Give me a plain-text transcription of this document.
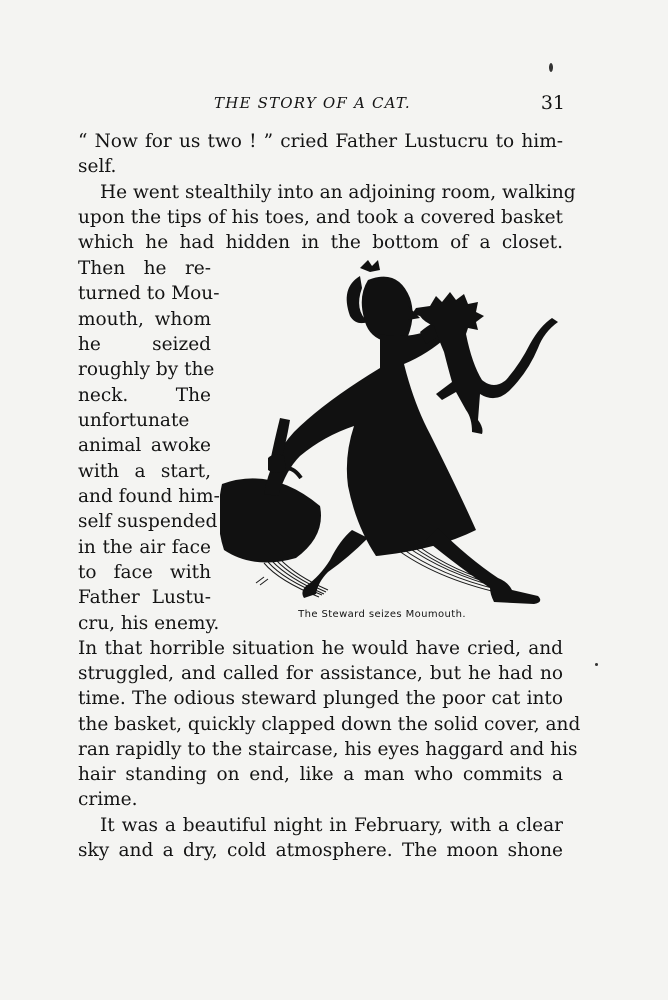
THE STORY OF A CAT.	31
“ Now for us two ! ” cried Father Lustucru to him-
self.
He went stealthily into an adjoining room, walking
upon the tips of his toes, and took a covered basket
which he had hidden in the bottom of a closet.
Then he re-
turned to Mou-
mouth, whom
he seized
roughly by the
neck. The
unfortunate
animal awoke
with a start,
and found him-
self suspended
in the air face
to face with
Father Lustu-
cru, his enemy.	The Steward seizes Moumouth.
In that horrible situation he would have cried, and
struggled, and called for assistance, but he had no
time. The odious steward plunged the poor cat into
the basket, quickly clapped down the solid cover, and
ran rapidly to the staircase, his eyes haggard and his
hair standing on end, like a man who commits a
crime.
It was a beautiful night in February, with a clear
sky and a dry, cold atmosphere. The moon shone
